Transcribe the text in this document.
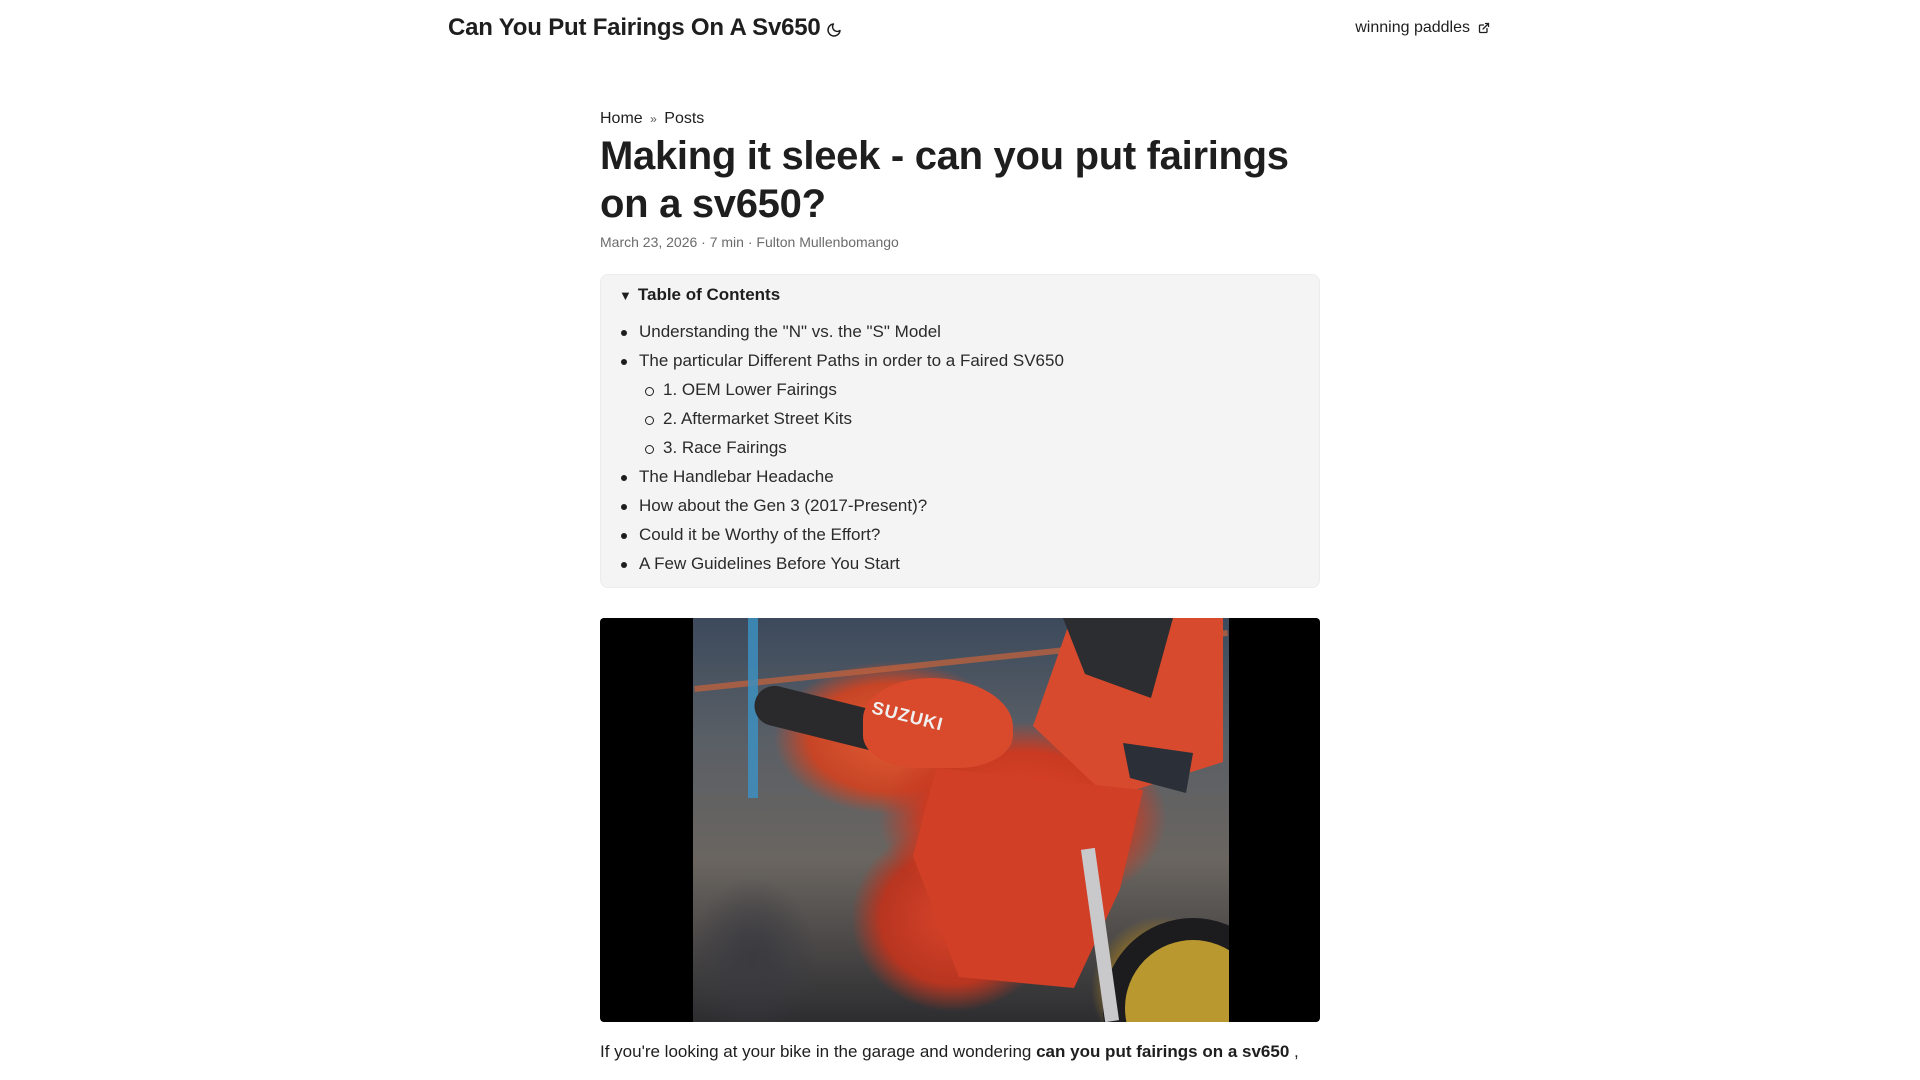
Can You Put Fairings On A Sv650	winning paddles
Home » Posts
Making it sleek - can you put fairings on a sv650?
March 23, 2026 · 7 min · Fulton Mullenbomango
▼ Table of Contents
Understanding the "N" vs. the "S" Model
The particular Different Paths in order to a Faired SV650
1. OEM Lower Fairings
2. Aftermarket Street Kits
3. Race Fairings
The Handlebar Headache
How about the Gen 3 (2017-Present)?
Could it be Worthy of the Effort?
A Few Guidelines Before You Start
SUZUKI

If you're looking at your bike in the garage and wondering can you put fairings on a sv650 ,
